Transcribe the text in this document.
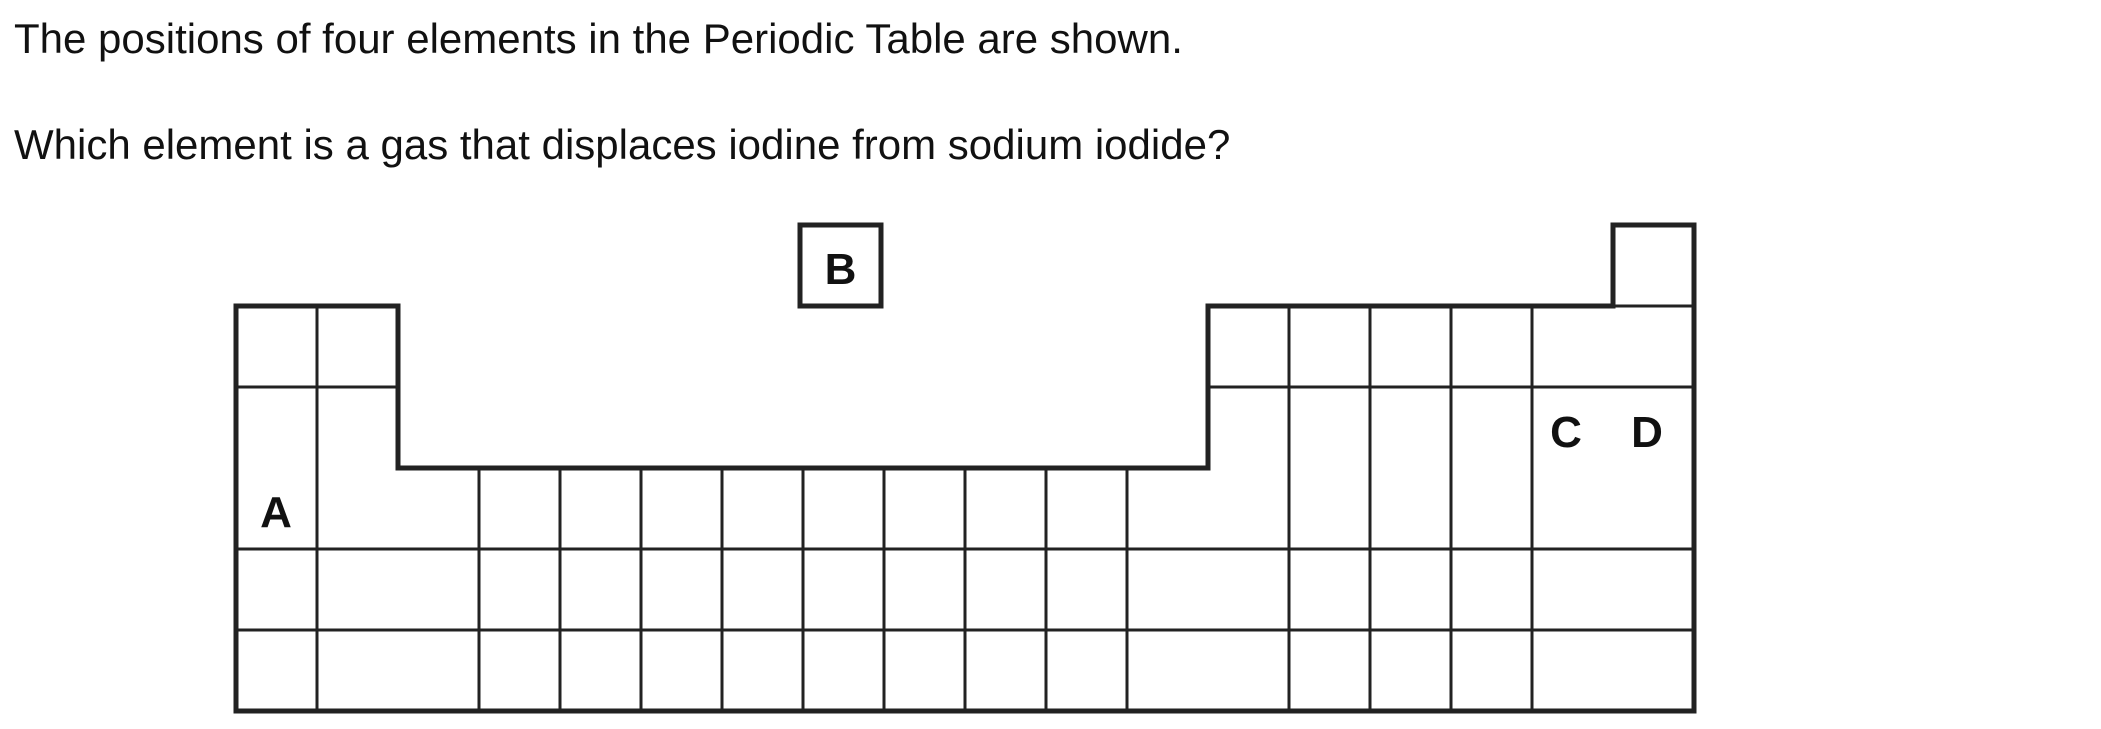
The positions of four elements in the Periodic Table are shown.

Which element is a gas that displaces iodine from sodium iodide?

B
A
C D
